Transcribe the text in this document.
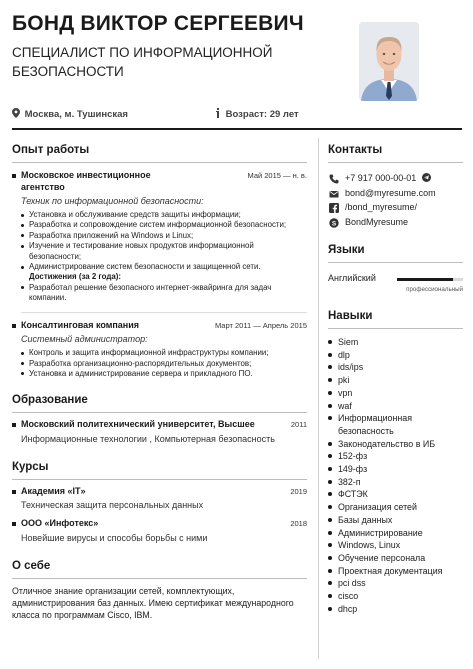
БОНД ВИКТОР СЕРГЕЕВИЧ
СПЕЦИАЛИСТ ПО ИНФОРМАЦИОННОЙ БЕЗОПАСНОСТИ
Москва, м. Тушинская	Возраст: 29 лет
Опыт работы
Московское инвестиционное агентство
Май 2015 — н. в.
Техник по информационной безопасности:
Установка и обслуживание средств защиты информации;
Разработка и сопровождение систем информационной безопасности;
Разработка приложений на Windows и Linux;
Изучение и тестирование новых продуктов информационной безопасности;
Администрирование систем безопасности и защищенной сети.
Достижения (за 2 года):
Разработал решение безопасного интернет-эквайринга для задач компании.
Консалтинговая компания	Март 2011 — Апрель 2015
Системный администратор:
Контроль и защита информационной инфраструктуры компании;
Разработка организационно-распорядительных документов;
Установка и администрирование сервера и прикладного ПО.
Образование
Московский политехнический университет, Высшее	2011
Информационные технологии , Компьютерная безопасность
Курсы
Академия «IT»	2019
Техническая защита персональных данных
ООО «Инфотекс»	2018
Новейшие вирусы и способы борьбы с ними
О себе
Отличное знание организации сетей, комплектующих, администрирования баз данных. Имею сертификат международного класса по программам Cisco, IBM.
Контакты
+7 917 000-00-01
bond@myresume.com
/bond_myresume/
S BondMyresume
Языки
Английский
профессиональный
Навыки
Siem
dlp
ids/ips
pki
vpn
waf
Информационная безопасность
Законодательство в ИБ
152-фз
149-фз
382-п
ФСТЭК
Организация сетей
Базы данных
Администрирование
Windows, Linux
Обучение персонала
Проектная документация
pci dss
cisco
dhcp
